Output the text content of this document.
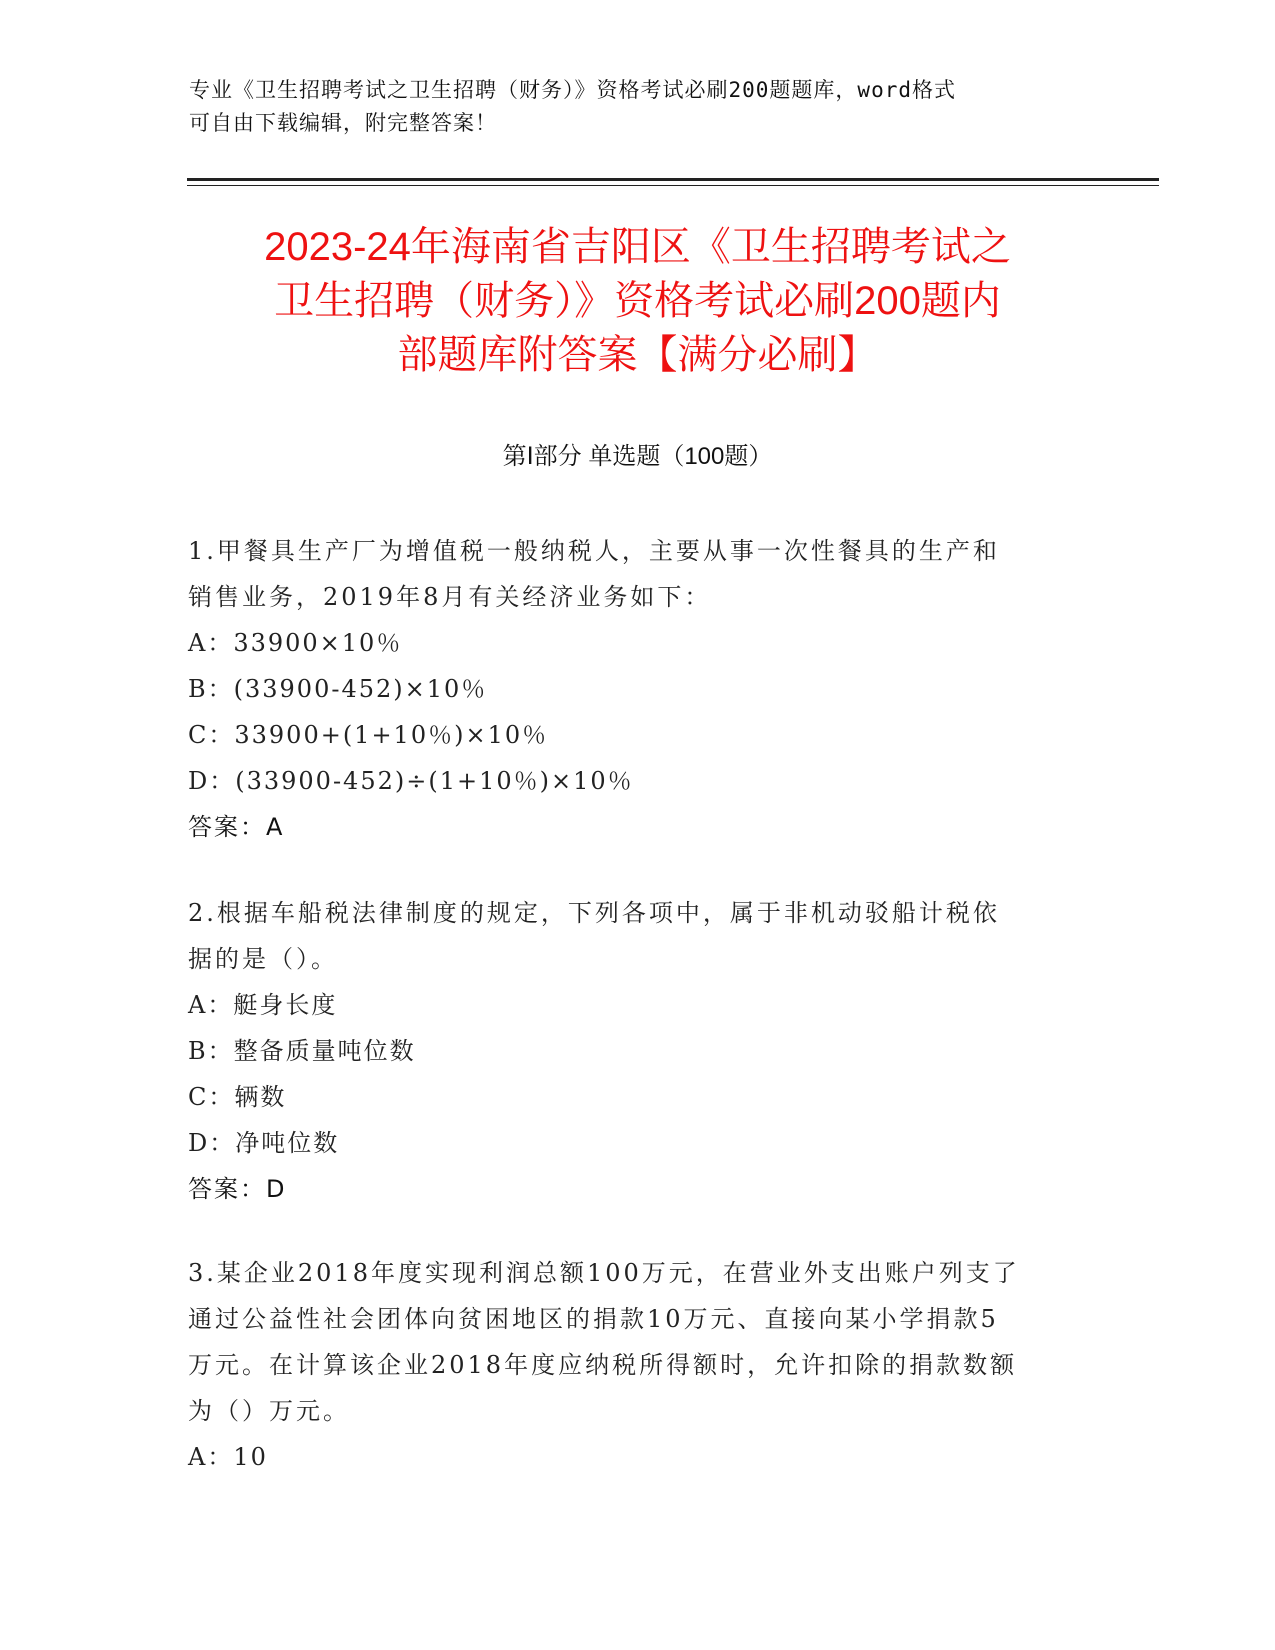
专业《卫生招聘考试之卫生招聘（财务）》资格考试必刷200题题库，word格式
可自由下载编辑，附完整答案！
2023-24年海南省吉阳区《卫生招聘考试之
卫生招聘（财务）》资格考试必刷200题内
部题库附答案【满分必刷】
第Ⅰ部分 单选题（100题）

1.甲餐具生产厂为增值税一般纳税人，主要从事一次性餐具的生产和

销售业务，2019年8月有关经济业务如下：

A：33900×10％

B：(33900-452)×10％

C：33900+(1+10％)×10％

D：(33900-452)÷(1+10％)×10％

答案：A

2.根据车船税法律制度的规定，下列各项中，属于非机动驳船计税依

据的是（）。

A：艇身长度

B：整备质量吨位数

C：辆数

D：净吨位数

答案：D

3.某企业2018年度实现利润总额100万元，在营业外支出账户列支了

通过公益性社会团体向贫困地区的捐款10万元、直接向某小学捐款5

万元。在计算该企业2018年度应纳税所得额时，允许扣除的捐款数额

为（）万元。

A：10
